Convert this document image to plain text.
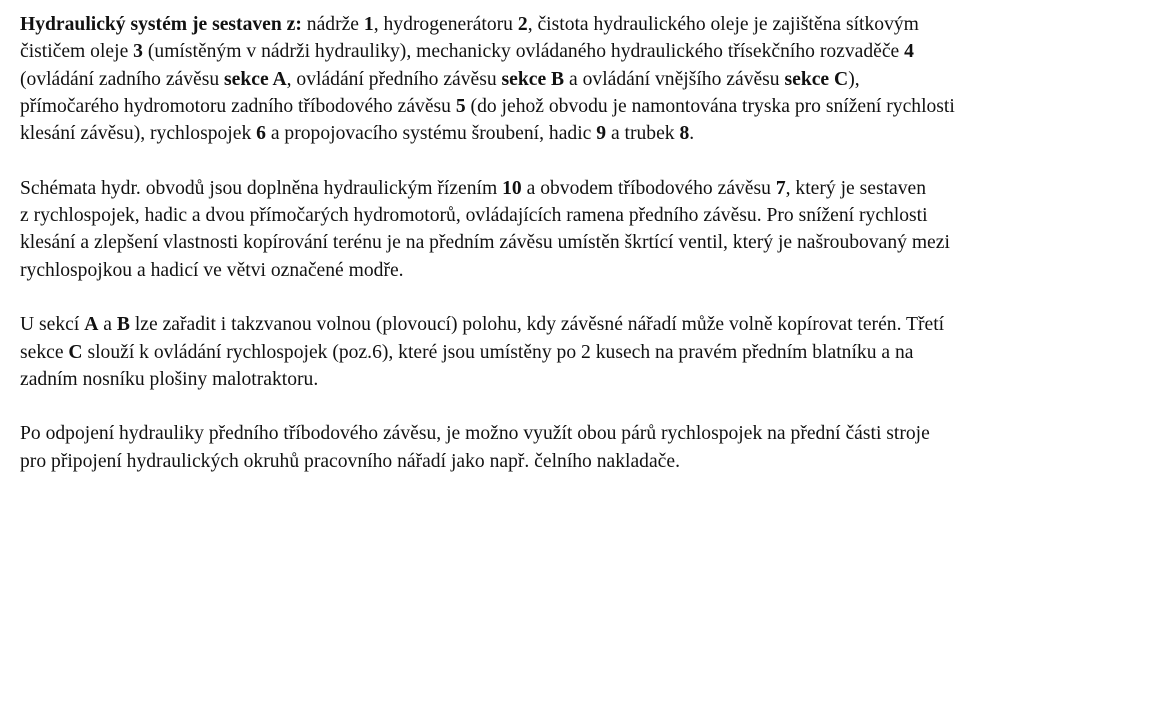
Hydraulický systém je sestaven z: nádrže 1, hydrogenerátoru 2, čistota hydraulického oleje je zajištěna sítkovým
čističem oleje 3 (umístěným v nádrži hydrauliky), mechanicky ovládaného hydraulického třísekčního rozvaděče 4
(ovládání zadního závěsu sekce A, ovládání předního závěsu sekce B a ovládání vnějšího závěsu sekce C),
přímočarého hydromotoru zadního tříbodového závěsu 5 (do jehož obvodu je namontována tryska pro snížení rychlosti
klesání závěsu), rychlospojek 6 a propojovacího systému šroubení, hadic 9 a trubek 8.

Schémata hydr. obvodů jsou doplněna hydraulickým řízením 10 a obvodem tříbodového závěsu 7, který je sestaven
z rychlospojek, hadic a dvou přímočarých hydromotorů, ovládajících ramena předního závěsu. Pro snížení rychlosti
klesání a zlepšení vlastnosti kopírování terénu je na předním závěsu umístěn škrtící ventil, který je našroubovaný mezi
rychlospojkou a hadicí ve větvi označené modře.

U sekcí A a B lze zařadit i takzvanou volnou (plovoucí) polohu, kdy závěsné nářadí může volně kopírovat terén. Třetí
sekce C slouží k ovládání rychlospojek (poz.6), které jsou umístěny po 2 kusech na pravém předním blatníku a na
zadním nosníku plošiny malotraktoru.

Po odpojení hydrauliky předního tříbodového závěsu, je možno využít obou párů rychlospojek na přední části stroje
pro připojení hydraulických okruhů pracovního nářadí jako např. čelního nakladače.
